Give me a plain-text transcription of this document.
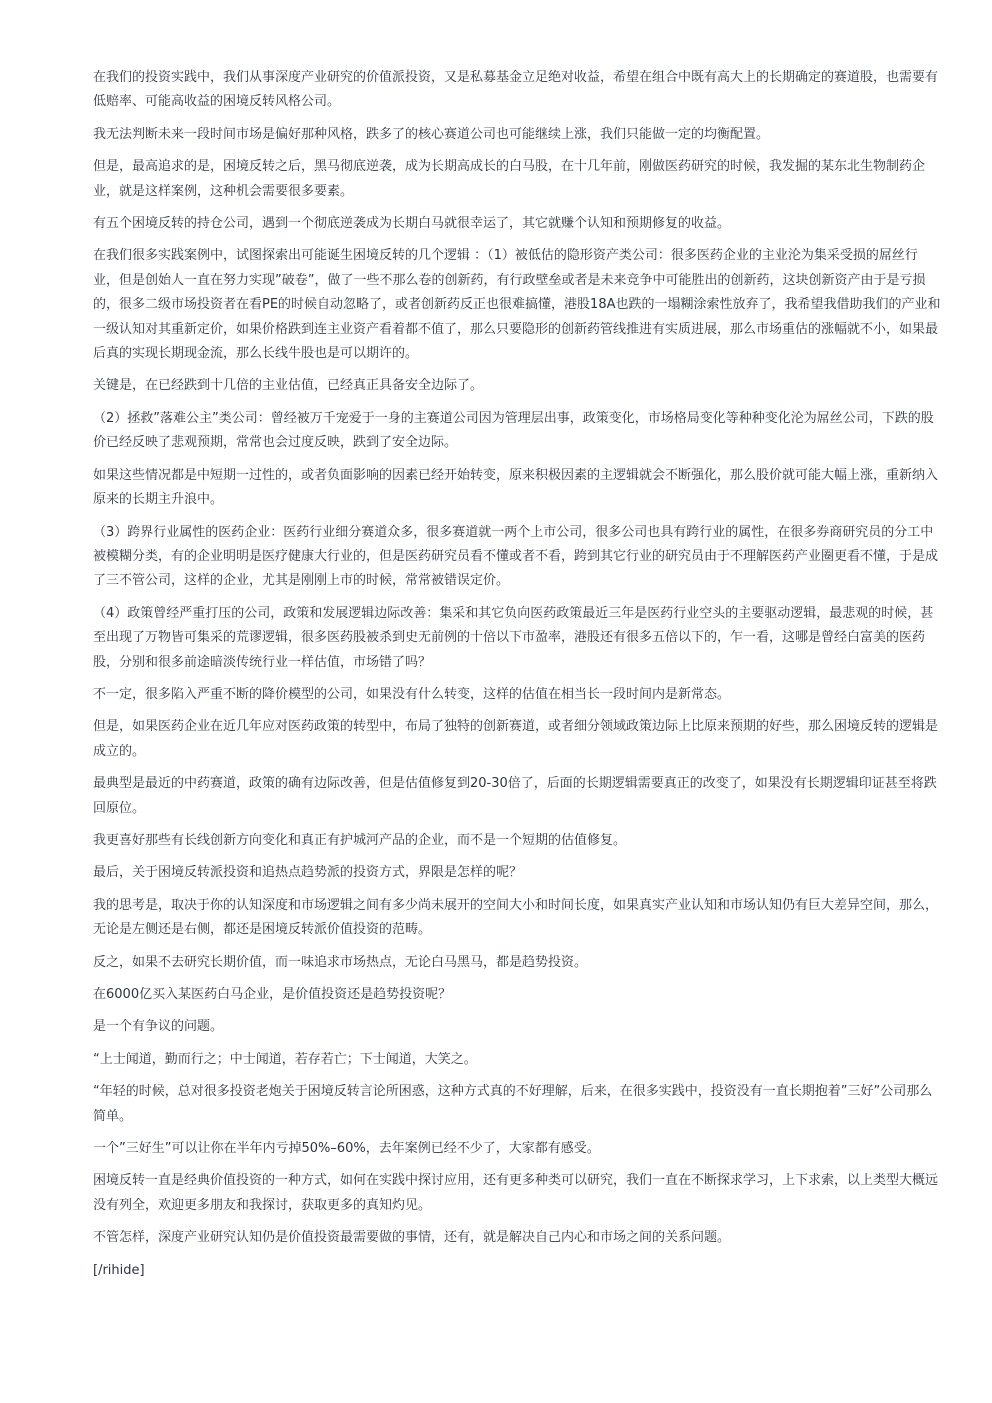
在我们的投资实践中，我们从事深度产业研究的价值派投资，又是私募基金立足绝对收益，希望在组合中既有高大上的长期确定的赛道股，也需要有低赔率、可能高收益的困境反转风格公司。

我无法判断未来一段时间市场是偏好那种风格，跌多了的核心赛道公司也可能继续上涨，我们只能做一定的均衡配置。

但是，最高追求的是，困境反转之后，黑马彻底逆袭，成为长期高成长的白马股，在十几年前，刚做医药研究的时候，我发掘的某东北生物制药企业，就是这样案例，这种机会需要很多要素。

有五个困境反转的持仓公司，遇到一个彻底逆袭成为长期白马就很幸运了，其它就赚个认知和预期修复的收益。

在我们很多实践案例中，试图探索出可能诞生困境反转的几个逻辑 ：（1）被低估的隐形资产类公司：很多医药企业的主业沦为集采受损的屌丝行业，但是创始人一直在努力实现”破卷”，做了一些不那么卷的创新药，有行政壁垒或者是未来竞争中可能胜出的创新药，这块创新资产由于是亏损的，很多二级市场投资者在看PE的时候自动忽略了，或者创新药反正也很难搞懂，港股18A也跌的一塌糊涂索性放弃了，我希望我借助我们的产业和一级认知对其重新定价，如果价格跌到连主业资产看着都不值了，那么只要隐形的创新药管线推进有实质进展，那么市场重估的涨幅就不小，如果最后真的实现长期现金流，那么长线牛股也是可以期许的。

关键是，在已经跌到十几倍的主业估值，已经真正具备安全边际了。

（2）拯救”落难公主”类公司：曾经被万千宠爱于一身的主赛道公司因为管理层出事，政策变化，市场格局变化等种种变化沦为屌丝公司，下跌的股价已经反映了悲观预期，常常也会过度反映，跌到了安全边际。

如果这些情况都是中短期一过性的，或者负面影响的因素已经开始转变，原来积极因素的主逻辑就会不断强化，那么股价就可能大幅上涨，重新纳入原来的长期主升浪中。

（3）跨界行业属性的医药企业：医药行业细分赛道众多，很多赛道就一两个上市公司，很多公司也具有跨行业的属性，在很多券商研究员的分工中被模糊分类，有的企业明明是医疗健康大行业的，但是医药研究员看不懂或者不看，跨到其它行业的研究员由于不理解医药产业圈更看不懂，于是成了三不管公司，这样的企业，尤其是刚刚上市的时候，常常被错误定价。

（4）政策曾经严重打压的公司，政策和发展逻辑边际改善：集采和其它负向医药政策最近三年是医药行业空头的主要驱动逻辑，最悲观的时候，甚至出现了万物皆可集采的荒谬逻辑，很多医药股被杀到史无前例的十倍以下市盈率，港股还有很多五倍以下的，乍一看，这哪是曾经白富美的医药股，分别和很多前途暗淡传统行业一样估值，市场错了吗？

不一定，很多陷入严重不断的降价模型的公司，如果没有什么转变，这样的估值在相当长一段时间内是新常态。

但是，如果医药企业在近几年应对医药政策的转型中，布局了独特的创新赛道，或者细分领域政策边际上比原来预期的好些，那么困境反转的逻辑是成立的。

最典型是最近的中药赛道，政策的确有边际改善，但是估值修复到20-30倍了，后面的长期逻辑需要真正的改变了，如果没有长期逻辑印证甚至将跌回原位。

我更喜好那些有长线创新方向变化和真正有护城河产品的企业，而不是一个短期的估值修复。

最后，关于困境反转派投资和追热点趋势派的投资方式，界限是怎样的呢？

我的思考是，取决于你的认知深度和市场逻辑之间有多少尚未展开的空间大小和时间长度，如果真实产业认知和市场认知仍有巨大差异空间，那么，无论是左侧还是右侧，都还是困境反转派价值投资的范畴。

反之，如果不去研究长期价值，而一味追求市场热点，无论白马黑马，都是趋势投资。

在6000亿买入某医药白马企业，是价值投资还是趋势投资呢？

是一个有争议的问题。

“上士闻道，勤而行之；中士闻道，若存若亡；下士闻道，大笑之。

“年轻的时候，总对很多投资老炮关于困境反转言论所困惑，这种方式真的不好理解，后来，在很多实践中，投资没有一直长期抱着”三好”公司那么简单。

一个”三好生”可以让你在半年内亏掉50%–60%，去年案例已经不少了，大家都有感受。

困境反转一直是经典价值投资的一种方式，如何在实践中探讨应用，还有更多种类可以研究，我们一直在不断探求学习，上下求索，以上类型大概远没有列全，欢迎更多朋友和我探讨，获取更多的真知灼见。

不管怎样，深度产业研究认知仍是价值投资最需要做的事情，还有，就是解决自己内心和市场之间的关系问题。

[/rihide]
